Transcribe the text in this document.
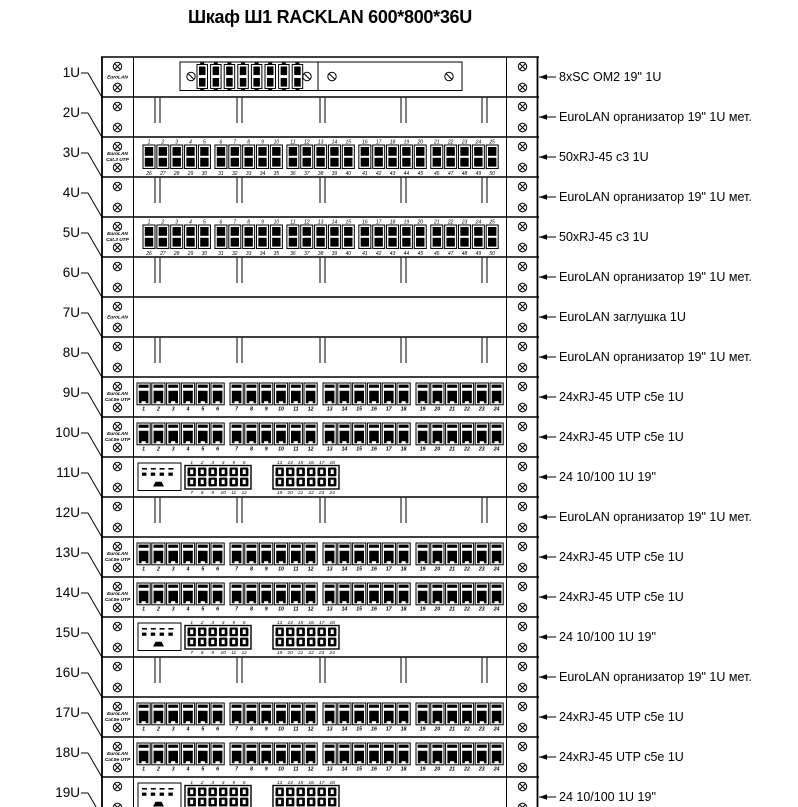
EuroLAN
EuroLAN
Cat.3 UTP
1
26
2
27
3
28
4
29
5
30
6
31
7
32
8
33
9
34
10
35
11
36
12
37
13
38
14
39
15
40
16
41
17
42
18
43
19
44
20
45
21
46
22
47
23
48
24
49
25
50
EuroLAN
Cat.3 UTP
1
26
2
27
3
28
4
29
5
30
6
31
7
32
8
33
9
34
10
35
11
36
12
37
13
38
14
39
15
40
16
41
17
42
18
43
19
44
20
45
21
46
22
47
23
48
24
49
25
50
EuroLAN
EuroLAN
Cat.5e UTP
1 2 3 4 5 6	7 8 9 10 11 12	13 14 15 16 17 18	19 20 21 22 23 24
EuroLAN
Cat.5e UTP
1 2 3 4 5 6	7 8 9 10 11 12	13 14 15 16 17 18	19 20 21 22 23 24
1
7
2
8
3
9
4
10
5
11
6
12
13
19
14
20
15
21
16
22
17
23
18
24
EuroLAN
Cat.5e UTP
1 2 3 4 5 6	7 8 9 10 11 12	13 14 15 16 17 18	19 20 21 22 23 24
EuroLAN
Cat.5e UTP
1 2 3 4 5 6	7 8 9 10 11 12	13 14 15 16 17 18	19 20 21 22 23 24
1
7
2
8
3
9
4
10
5
11
6
12
13
19
14
20
15
21
16
22
17
23
18
24
EuroLAN
Cat.5e UTP
1 2 3 4 5 6	7 8 9 10 11 12	13 14 15 16 17 18	19 20 21 22 23 24
EuroLAN
Cat.5e UTP
1 2 3 4 5 6	7 8 9 10 11 12	13 14 15 16 17 18	19 20 21 22 23 24
1 2 3 4 5 6	13 14 15 16 17 18
Шкаф Ш1 RACKLAN 600*800*36U
1U	8xSC OM2 19" 1U
2U	EuroLAN организатор 19" 1U мет.
3U	50xRJ-45 c3 1U
4U	EuroLAN организатор 19" 1U мет.
5U	50xRJ-45 c3 1U
6U	EuroLAN организатор 19" 1U мет.
7U	EuroLAN заглушка 1U
8U	EuroLAN организатор 19" 1U мет.
9U	24xRJ-45 UTP c5e 1U
10U	24xRJ-45 UTP c5e 1U
11U	24 10/100 1U 19"
12U	EuroLAN организатор 19" 1U мет.
13U	24xRJ-45 UTP c5e 1U
14U	24xRJ-45 UTP c5e 1U
15U	24 10/100 1U 19"
16U	EuroLAN организатор 19" 1U мет.
17U	24xRJ-45 UTP c5e 1U
18U	24xRJ-45 UTP c5e 1U
19U	24 10/100 1U 19"
